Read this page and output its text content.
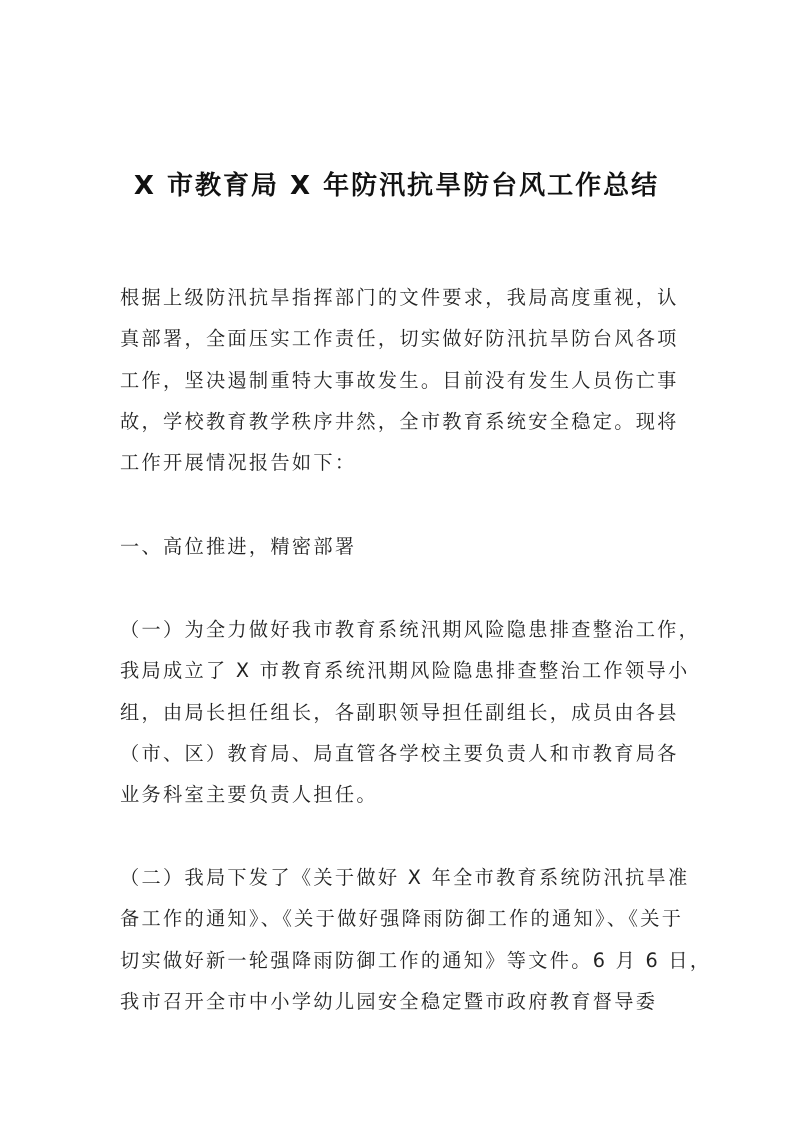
X 市教育局 X 年防汛抗旱防台风工作总结
根据上级防汛抗旱指挥部门的文件要求，我局高度重视，认
真部署，全面压实工作责任，切实做好防汛抗旱防台风各项
工作，坚决遏制重特大事故发生。目前没有发生人员伤亡事
故，学校教育教学秩序井然，全市教育系统安全稳定。现将
工作开展情况报告如下：
一、高位推进，精密部署
（一）为全力做好我市教育系统汛期风险隐患排查整治工作，
我局成立了 X 市教育系统汛期风险隐患排查整治工作领导小
组，由局长担任组长，各副职领导担任副组长，成员由各县
（市、区）教育局、局直管各学校主要负责人和市教育局各
业务科室主要负责人担任。
（二）我局下发了《关于做好 X 年全市教育系统防汛抗旱准
备工作的通知》、《关于做好强降雨防御工作的通知》、《关于
切实做好新一轮强降雨防御工作的通知》等文件。6 月 6 日，
我市召开全市中小学幼儿园安全稳定暨市政府教育督导委
